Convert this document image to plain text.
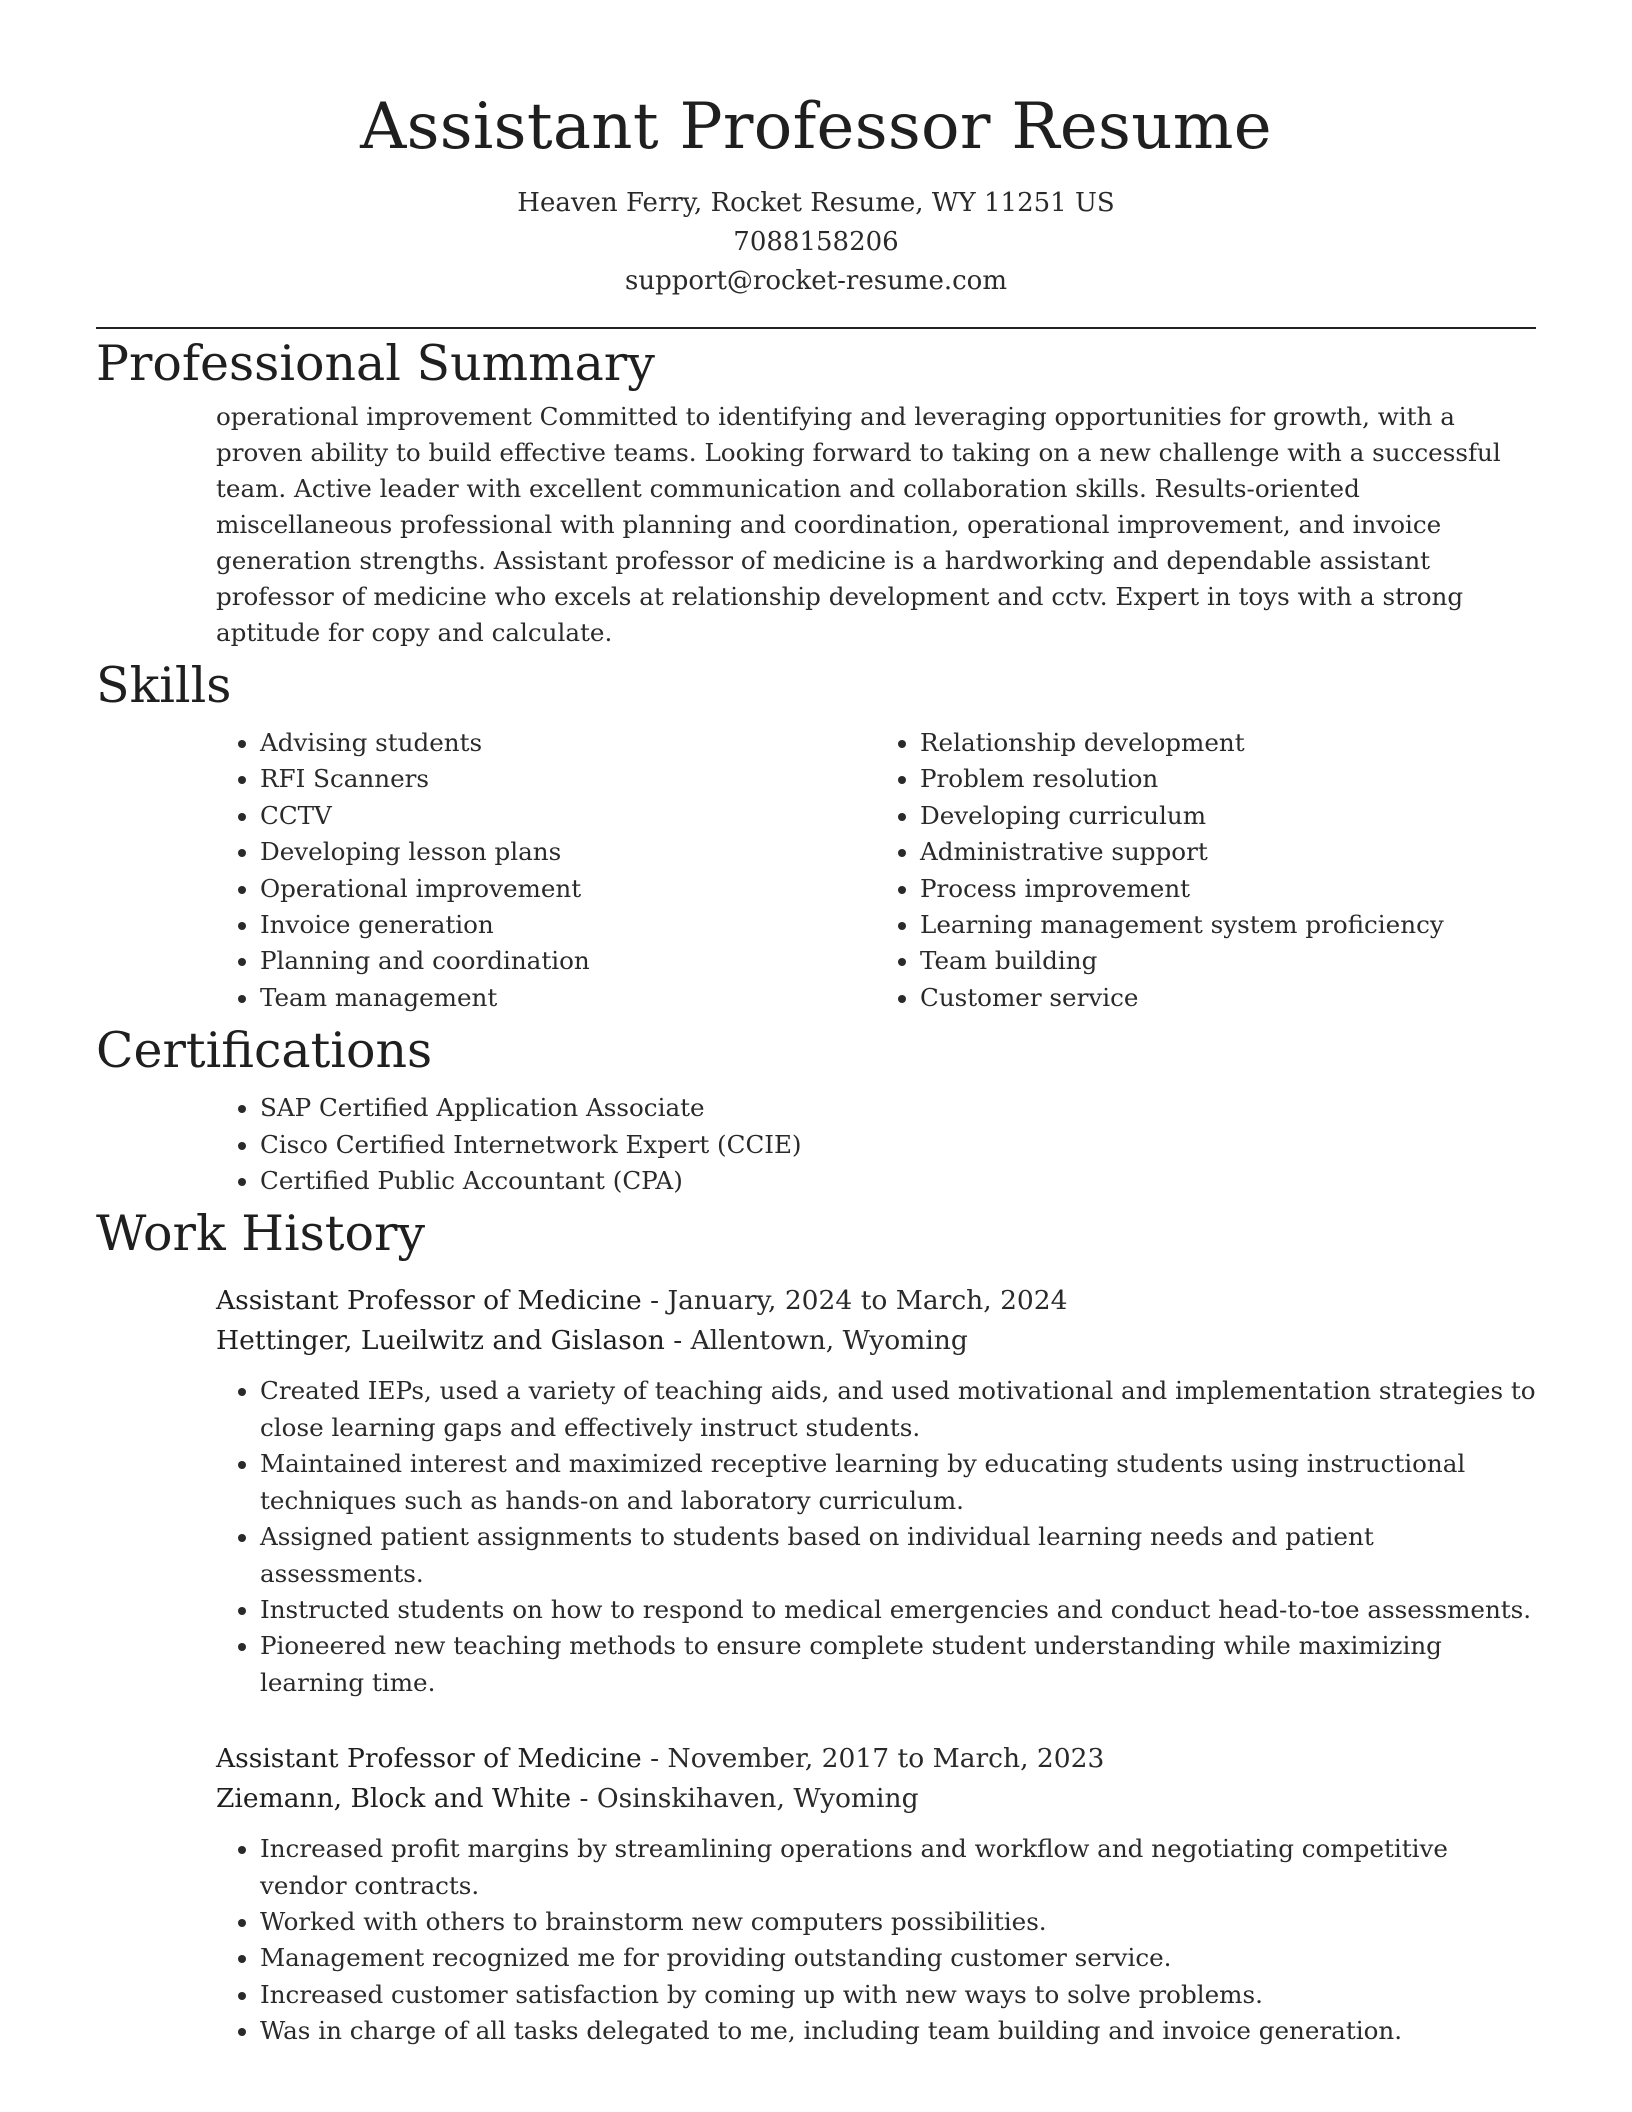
Assistant Professor Resume

Heaven Ferry, Rocket Resume, WY 11251 US

7088158206

support@rocket-resume.com

Professional Summary

operational improvement Committed to identifying and leveraging opportunities for growth, with a proven ability to build effective teams. Looking forward to taking on a new challenge with a successful team. Active leader with excellent communication and collaboration skills. Results-oriented miscellaneous professional with planning and coordination, operational improvement, and invoice generation strengths. Assistant professor of medicine is a hardworking and dependable assistant professor of medicine who excels at relationship development and cctv. Expert in toys with a strong aptitude for copy and calculate.

Skills
• Advising students
• RFI Scanners
• CCTV
• Developing lesson plans
• Operational improvement
• Invoice generation
• Planning and coordination
• Team management
• Relationship development
• Problem resolution
• Developing curriculum
• Administrative support
• Process improvement
• Learning management system proficiency
• Team building
• Customer service
Certifications
• SAP Certified Application Associate
• Cisco Certified Internetwork Expert (CCIE)
• Certified Public Accountant (CPA)
Work History

Assistant Professor of Medicine - January, 2024 to March, 2024

Hettinger, Lueilwitz and Gislason - Allentown, Wyoming

• Created IEPs, used a variety of teaching aids, and used motivational and implementation strategies to close learning gaps and effectively instruct students.
• Maintained interest and maximized receptive learning by educating students using instructional techniques such as hands-on and laboratory curriculum.
• Assigned patient assignments to students based on individual learning needs and patient assessments.
• Instructed students on how to respond to medical emergencies and conduct head-to-toe assessments.
• Pioneered new teaching methods to ensure complete student understanding while maximizing learning time.

Assistant Professor of Medicine - November, 2017 to March, 2023

Ziemann, Block and White - Osinskihaven, Wyoming

• Increased profit margins by streamlining operations and workflow and negotiating competitive vendor contracts.
• Worked with others to brainstorm new computers possibilities.
• Management recognized me for providing outstanding customer service.
• Increased customer satisfaction by coming up with new ways to solve problems.
• Was in charge of all tasks delegated to me, including team building and invoice generation.
